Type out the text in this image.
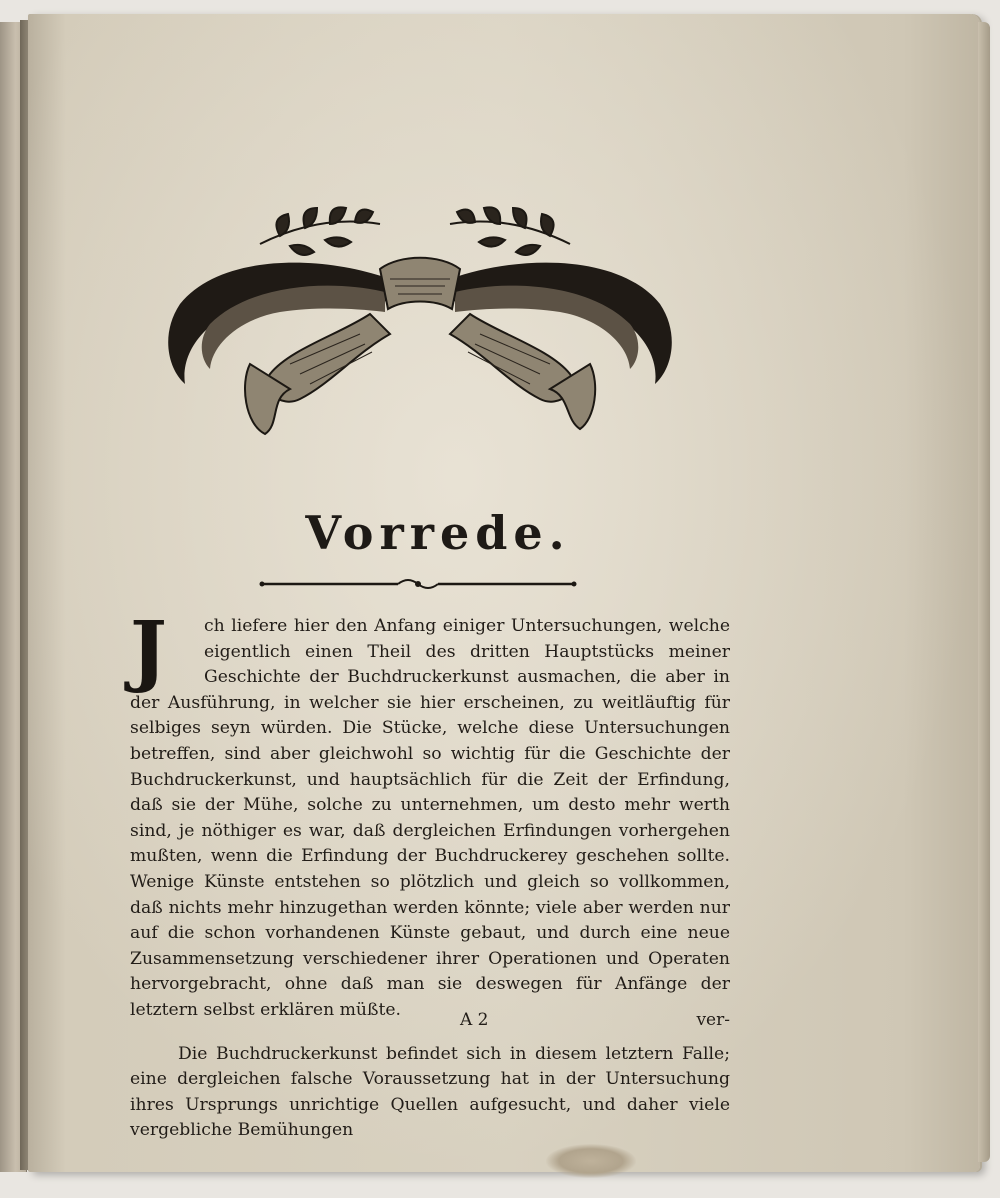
Vorrede.

J	ch liefere hier den Anfang einiger Untersuchungen, welche eigentlich einen Theil des dritten Hauptstücks meiner Geschichte der Buchdruckerkunst ausmachen, die aber in der Ausführung, in welcher sie hier erscheinen, zu weitläuftig für selbiges seyn würden. Die Stücke, welche diese Untersuchungen betreffen, sind aber gleichwohl so wichtig für die Geschichte der Buchdruckerkunst, und hauptsächlich für die Zeit der Erfindung, daß sie der Mühe, solche zu unternehmen, um desto mehr werth sind, je nöthiger es war, daß dergleichen Erfindungen vorhergehen mußten, wenn die Erfindung der Buchdruckerey geschehen sollte. Wenige Künste entstehen so plötzlich und gleich so vollkommen, daß nichts mehr hinzugethan werden könnte; viele aber werden nur auf die schon vorhandenen Künste gebaut, und durch eine neue Zusammensetzung verschiedener ihrer Operationen und Operaten hervorgebracht, ohne daß man sie deswegen für Anfänge der letztern selbst erklären müßte.

Die Buchdruckerkunst befindet sich in diesem letztern Falle; eine dergleichen falsche Voraussetzung hat in der Untersuchung ihres Ursprungs unrichtige Quellen aufgesucht, und daher viele vergebliche Bemühungen

A 2	ver-
